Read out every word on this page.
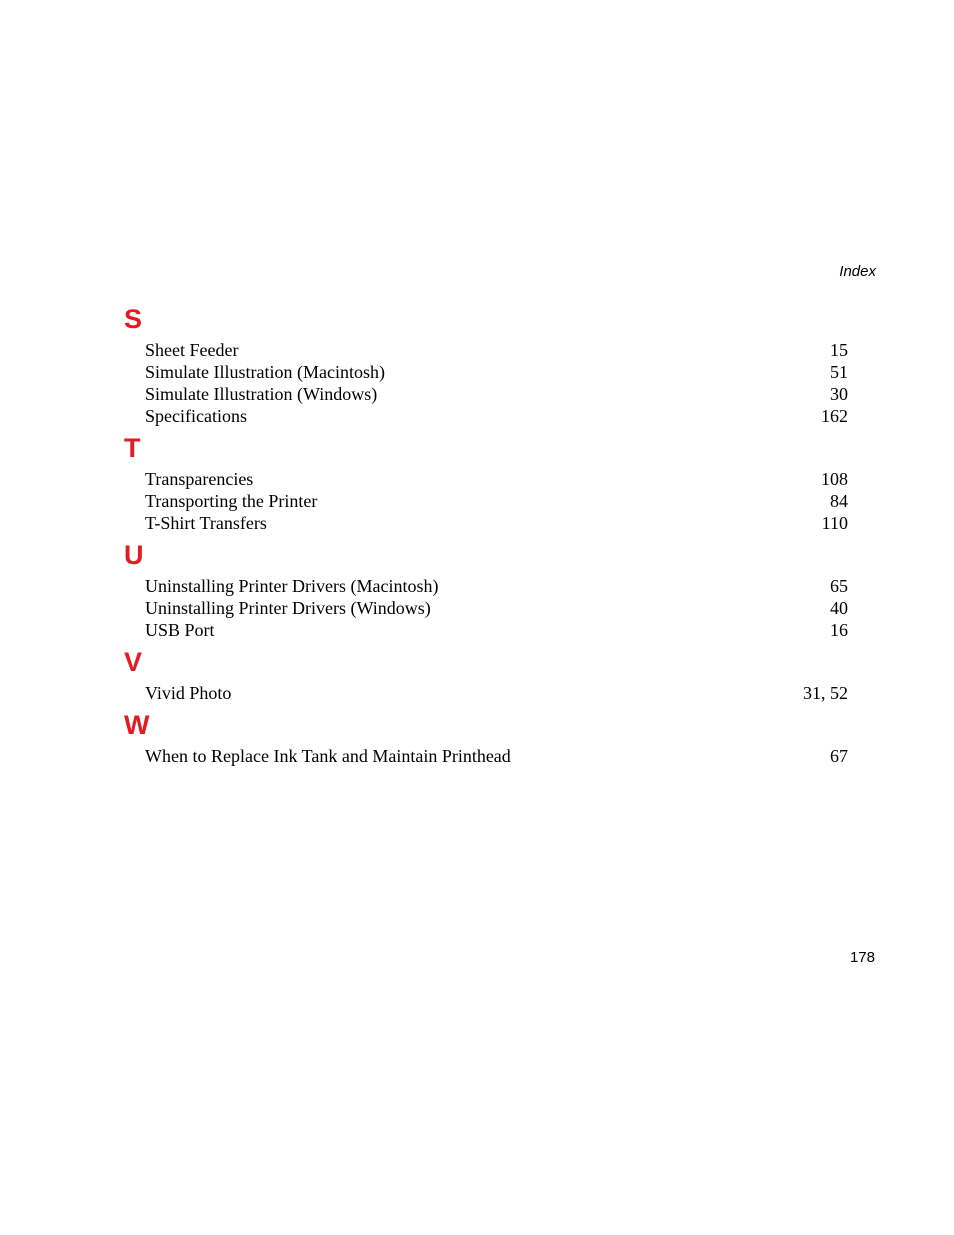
Index

S
Sheet Feeder	15
Simulate Illustration (Macintosh)	51
Simulate Illustration (Windows)	30
Specifications	162
T
Transparencies	108
Transporting the Printer	84
T-Shirt Transfers	110
U
Uninstalling Printer Drivers (Macintosh)	65
Uninstalling Printer Drivers (Windows)	40
USB Port	16
V
Vivid Photo	31, 52
W
When to Replace Ink Tank and Maintain Printhead	67

178
